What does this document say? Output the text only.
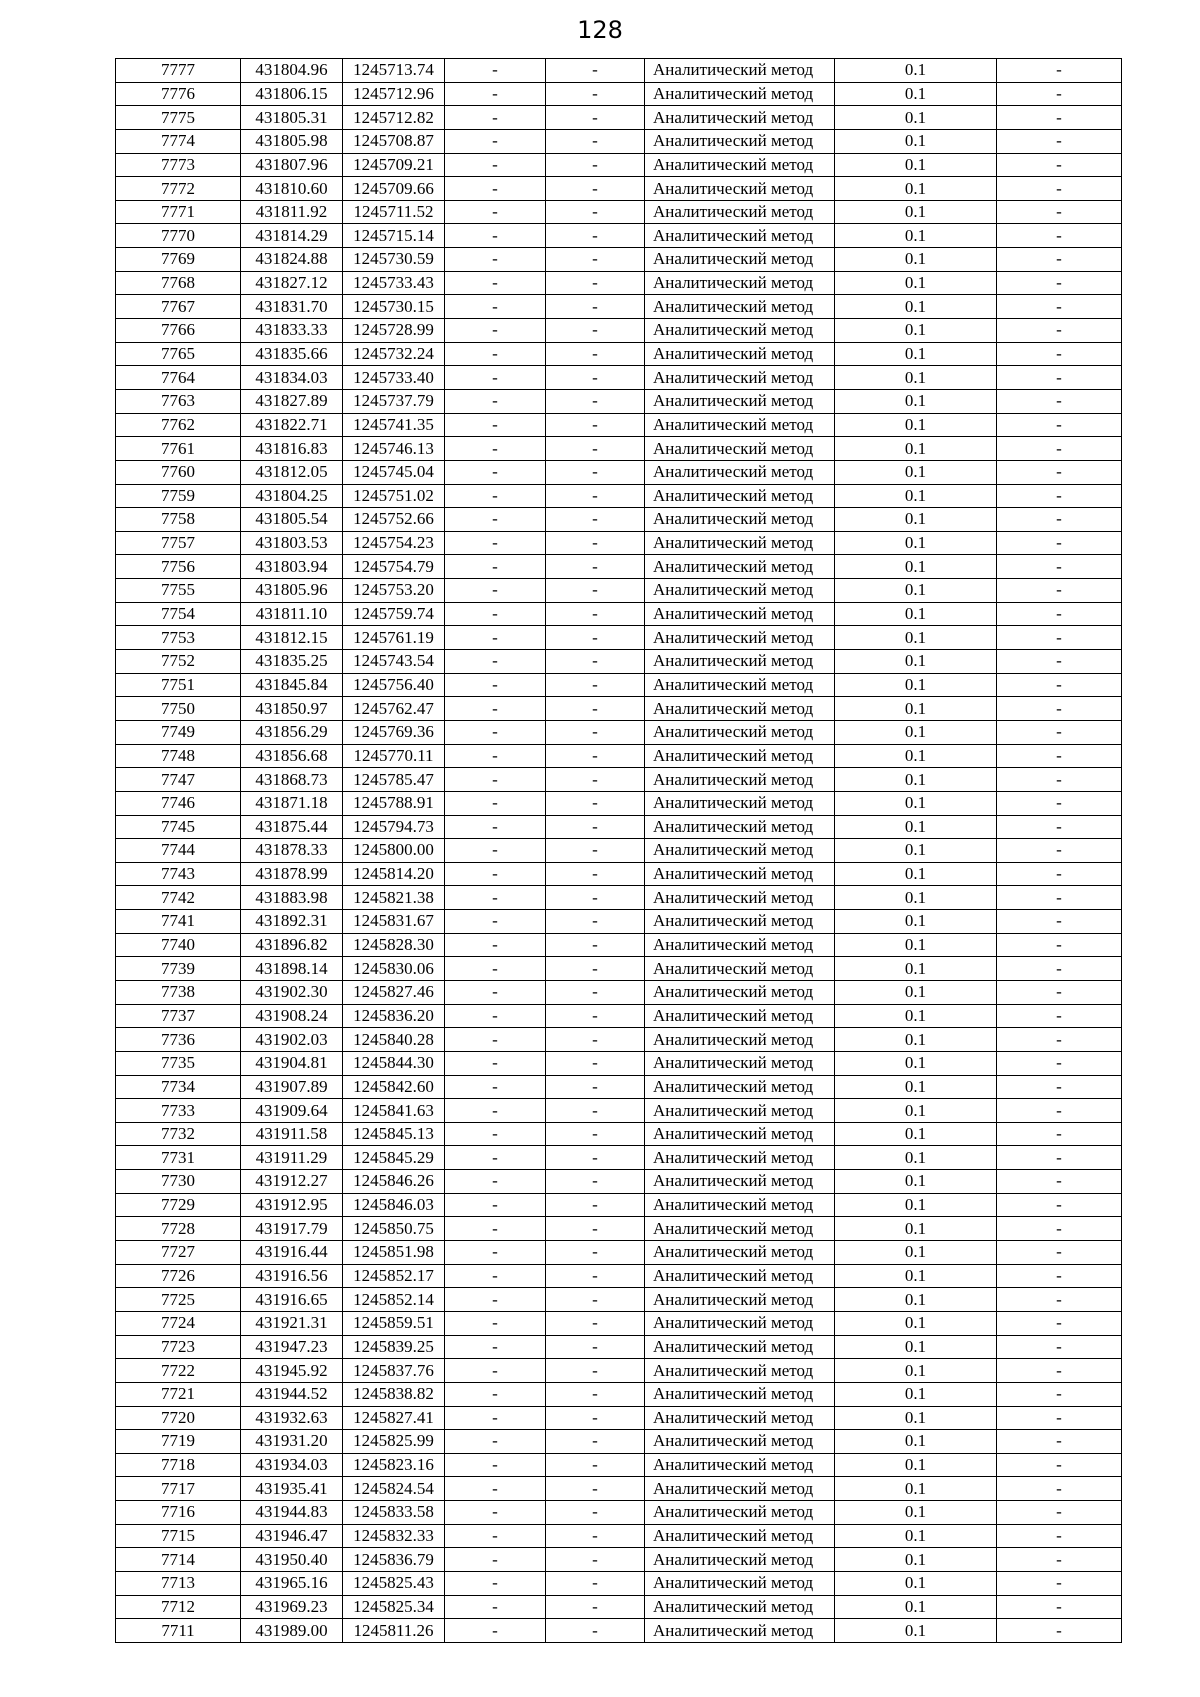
128
7777	431804.96	1245713.74	-	-	Аналитический метод	0.1	-
7776	431806.15	1245712.96	-	-	Аналитический метод	0.1	-
7775	431805.31	1245712.82	-	-	Аналитический метод	0.1	-
7774	431805.98	1245708.87	-	-	Аналитический метод	0.1	-
7773	431807.96	1245709.21	-	-	Аналитический метод	0.1	-
7772	431810.60	1245709.66	-	-	Аналитический метод	0.1	-
7771	431811.92	1245711.52	-	-	Аналитический метод	0.1	-
7770	431814.29	1245715.14	-	-	Аналитический метод	0.1	-
7769	431824.88	1245730.59	-	-	Аналитический метод	0.1	-
7768	431827.12	1245733.43	-	-	Аналитический метод	0.1	-
7767	431831.70	1245730.15	-	-	Аналитический метод	0.1	-
7766	431833.33	1245728.99	-	-	Аналитический метод	0.1	-
7765	431835.66	1245732.24	-	-	Аналитический метод	0.1	-
7764	431834.03	1245733.40	-	-	Аналитический метод	0.1	-
7763	431827.89	1245737.79	-	-	Аналитический метод	0.1	-
7762	431822.71	1245741.35	-	-	Аналитический метод	0.1	-
7761	431816.83	1245746.13	-	-	Аналитический метод	0.1	-
7760	431812.05	1245745.04	-	-	Аналитический метод	0.1	-
7759	431804.25	1245751.02	-	-	Аналитический метод	0.1	-
7758	431805.54	1245752.66	-	-	Аналитический метод	0.1	-
7757	431803.53	1245754.23	-	-	Аналитический метод	0.1	-
7756	431803.94	1245754.79	-	-	Аналитический метод	0.1	-
7755	431805.96	1245753.20	-	-	Аналитический метод	0.1	-
7754	431811.10	1245759.74	-	-	Аналитический метод	0.1	-
7753	431812.15	1245761.19	-	-	Аналитический метод	0.1	-
7752	431835.25	1245743.54	-	-	Аналитический метод	0.1	-
7751	431845.84	1245756.40	-	-	Аналитический метод	0.1	-
7750	431850.97	1245762.47	-	-	Аналитический метод	0.1	-
7749	431856.29	1245769.36	-	-	Аналитический метод	0.1	-
7748	431856.68	1245770.11	-	-	Аналитический метод	0.1	-
7747	431868.73	1245785.47	-	-	Аналитический метод	0.1	-
7746	431871.18	1245788.91	-	-	Аналитический метод	0.1	-
7745	431875.44	1245794.73	-	-	Аналитический метод	0.1	-
7744	431878.33	1245800.00	-	-	Аналитический метод	0.1	-
7743	431878.99	1245814.20	-	-	Аналитический метод	0.1	-
7742	431883.98	1245821.38	-	-	Аналитический метод	0.1	-
7741	431892.31	1245831.67	-	-	Аналитический метод	0.1	-
7740	431896.82	1245828.30	-	-	Аналитический метод	0.1	-
7739	431898.14	1245830.06	-	-	Аналитический метод	0.1	-
7738	431902.30	1245827.46	-	-	Аналитический метод	0.1	-
7737	431908.24	1245836.20	-	-	Аналитический метод	0.1	-
7736	431902.03	1245840.28	-	-	Аналитический метод	0.1	-
7735	431904.81	1245844.30	-	-	Аналитический метод	0.1	-
7734	431907.89	1245842.60	-	-	Аналитический метод	0.1	-
7733	431909.64	1245841.63	-	-	Аналитический метод	0.1	-
7732	431911.58	1245845.13	-	-	Аналитический метод	0.1	-
7731	431911.29	1245845.29	-	-	Аналитический метод	0.1	-
7730	431912.27	1245846.26	-	-	Аналитический метод	0.1	-
7729	431912.95	1245846.03	-	-	Аналитический метод	0.1	-
7728	431917.79	1245850.75	-	-	Аналитический метод	0.1	-
7727	431916.44	1245851.98	-	-	Аналитический метод	0.1	-
7726	431916.56	1245852.17	-	-	Аналитический метод	0.1	-
7725	431916.65	1245852.14	-	-	Аналитический метод	0.1	-
7724	431921.31	1245859.51	-	-	Аналитический метод	0.1	-
7723	431947.23	1245839.25	-	-	Аналитический метод	0.1	-
7722	431945.92	1245837.76	-	-	Аналитический метод	0.1	-
7721	431944.52	1245838.82	-	-	Аналитический метод	0.1	-
7720	431932.63	1245827.41	-	-	Аналитический метод	0.1	-
7719	431931.20	1245825.99	-	-	Аналитический метод	0.1	-
7718	431934.03	1245823.16	-	-	Аналитический метод	0.1	-
7717	431935.41	1245824.54	-	-	Аналитический метод	0.1	-
7716	431944.83	1245833.58	-	-	Аналитический метод	0.1	-
7715	431946.47	1245832.33	-	-	Аналитический метод	0.1	-
7714	431950.40	1245836.79	-	-	Аналитический метод	0.1	-
7713	431965.16	1245825.43	-	-	Аналитический метод	0.1	-
7712	431969.23	1245825.34	-	-	Аналитический метод	0.1	-
7711	431989.00	1245811.26	-	-	Аналитический метод	0.1	-
